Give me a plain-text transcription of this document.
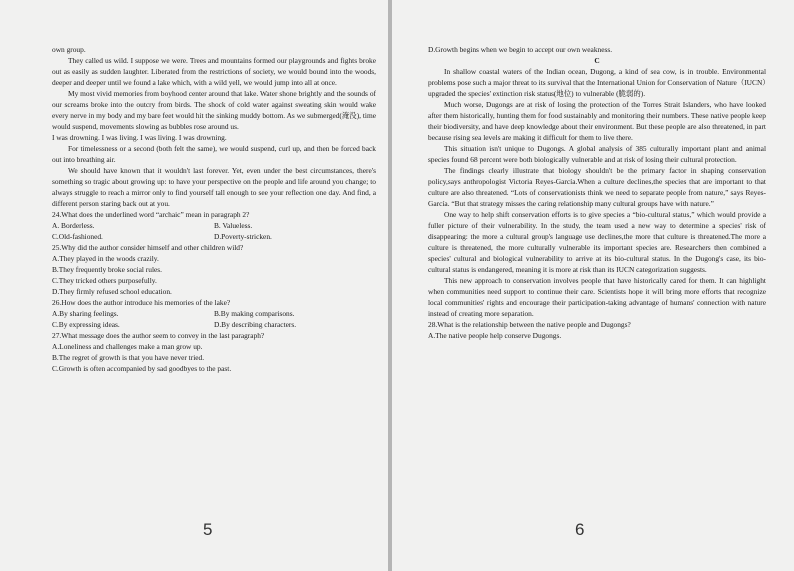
own group.

They called us wild. I suppose we were. Trees and mountains formed our playgrounds and fights broke out as easily as sudden laughter. Liberated from the restrictions of society, we would bound into the woods, deeper and deeper until we found a lake which, with a wild yell, we would jump into all at once.

My most vivid memories from boyhood center around that lake. Water shone brightly and the sounds of our screams broke into the outcry from birds. The shock of cold water against sweating skin would wake every nerve in my body and my bare feet would hit the sinking muddy bottom. As we submerged(淹没), time would suspend, movements slowing as bubbles rose around us.

I was drowning. I was living. I was living. I was drowning.

For timelessness or a second (both felt the same), we would suspend, curl up, and then be forced back out into breathing air.

We should have known that it wouldn't last forever. Yet, even under the best circumstances, there's something so tragic about growing up: to have your perspective on the people and life around you change; to always struggle to reach a mirror only to find yourself tall enough to see your reflection one day. And find, a different person staring back out at you.

24.What does the underlined word “archaic” mean in paragraph 2?

A. Borderless.	B. Valueless.
C.Old-fashioned.	D.Poverty-stricken.

25.Why did the author consider himself and other children wild?

A.They played in the woods crazily.

B.They frequently broke social rules.

C.They tricked others purposefully.

D.They firmly refused school education.

26.How does the author introduce his memories of the lake?

A.By sharing feelings.	B.By making comparisons.
C.By expressing ideas.	D.By describing characters.

27.What message does the author seem to convey in the last paragraph?

A.Loneliness and challenges make a man grow up.

B.The regret of growth is that you have never tried.

C.Growth is often accompanied by sad goodbyes to the past.

5

D.Growth begins when we begin to accept our own weakness.

C

In shallow coastal waters of the Indian ocean, Dugong, a kind of sea cow, is in trouble. Environmental problems pose such a major threat to its survival that the International Union for Conservation of Nature（IUCN）upgraded the species' extinction risk status(地位) to vulnerable (脆弱的).

Much worse, Dugongs are at risk of losing the protection of the Torres Strait Islanders, who have looked after them historically, hunting them for food sustainably and monitoring their numbers. These native people keep their biodiversity, and have deep knowledge about their environment. But these people are also threatened, in part because rising sea levels are making it difficult for them to live there.

This situation isn't unique to Dugongs. A global analysis of 385 culturally important plant and animal species found 68 percent were both biologically vulnerable and at risk of losing their cultural protection.

The findings clearly illustrate that biology shouldn't be the primary factor in shaping conservation policy,says anthropologist Victoria Reyes-García.When a culture declines,the species that are important to that culture are also threatened. “Lots of conservationists think we need to separate people from nature,” says Reyes-García. “But that strategy misses the caring relationship many cultural groups have with nature.”

One way to help shift conservation efforts is to give species a “bio-cultural status,” which would provide a fuller picture of their vulnerability. In the study, the team used a new way to determine a species' risk of disappearing: the more a cultural group's language use declines,the more that culture is threatened.The more a culture is threatened, the more culturally vulnerable its important species are. Researchers then combined a species' cultural and biological vulnerability to arrive at its bio-cultural status. In the Dugong's case, its bio-cultural status is endangered, meaning it is more at risk than its IUCN categorization suggests.

This new approach to conservation involves people that have historically cared for them. It can highlight when communities need support to continue their care. Scientists hope it will bring more efforts that recognize local communities' rights and encourage their participation-taking advantage of humans' connection with nature instead of creating more separation.

28.What is the relationship between the native people and Dugongs?

A.The native people help conserve Dugongs.

6
